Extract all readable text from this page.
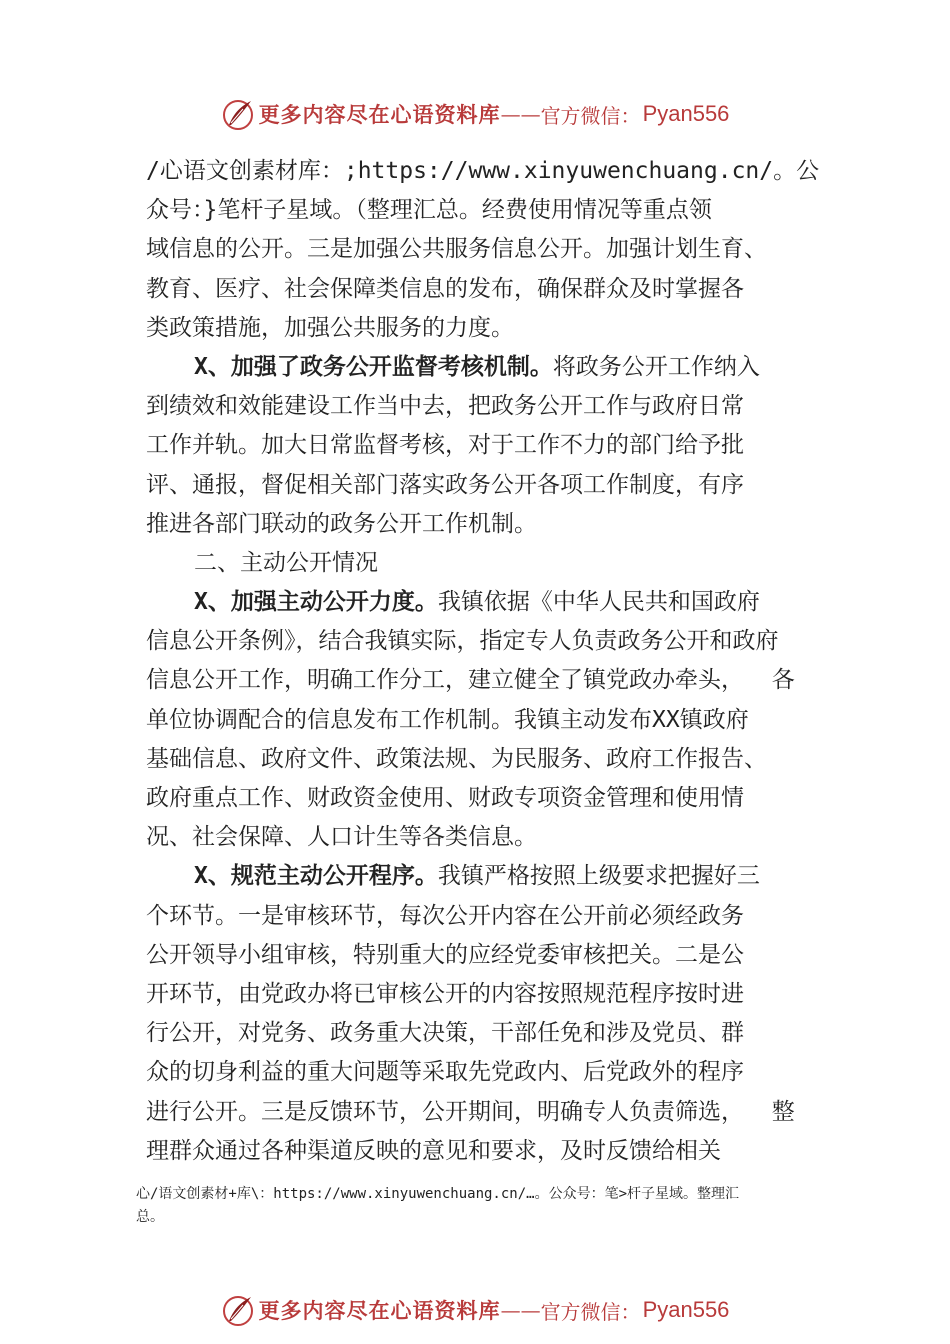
更多内容尽在心语资料库 —— 官方微信： Pyan556
/心语文创素材库：;https://www.xinyuwenchuang.cn/。公
众号：}笔杆子星域。（整理汇总。经费使用情况等重点领
域信息的公开。三是加强公共服务信息公开。加强计划生育、
教育、医疗、社会保障类信息的发布，确保群众及时掌握各
类政策措施，加强公共服务的力度。
X、加强了政务公开监督考核机制。将政务公开工作纳入
到绩效和效能建设工作当中去，把政务公开工作与政府日常
工作并轨。加大日常监督考核，对于工作不力的部门给予批
评、通报，督促相关部门落实政务公开各项工作制度，有序
推进各部门联动的政务公开工作机制。
二、主动公开情况
X、加强主动公开力度。我镇依据《中华人民共和国政府
信息公开条例》，结合我镇实际，指定专人负责政务公开和政府
信息公开工作，明确工作分工，建立健全了镇党政办牵头，  各
单位协调配合的信息发布工作机制。我镇主动发布XX镇政府
基础信息、政府文件、政策法规、为民服务、政府工作报告、
政府重点工作、财政资金使用、财政专项资金管理和使用情
况、社会保障、人口计生等各类信息。
X、规范主动公开程序。我镇严格按照上级要求把握好三
个环节。一是审核环节，每次公开内容在公开前必须经政务
公开领导小组审核，特别重大的应经党委审核把关。二是公
开环节，由党政办将已审核公开的内容按照规范程序按时进
行公开，对党务、政务重大决策，干部任免和涉及党员、群
众的切身利益的重大问题等采取先党政内、后党政外的程序
进行公开。三是反馈环节，公开期间，明确专人负责筛选，  整
理群众通过各种渠道反映的意见和要求，及时反馈给相关
心/语文创素材+库\：https://www.xinyuwenchuang.cn/…。公众号：笔>杆子星域。整理汇
总。
更多内容尽在心语资料库 —— 官方微信： Pyan556
